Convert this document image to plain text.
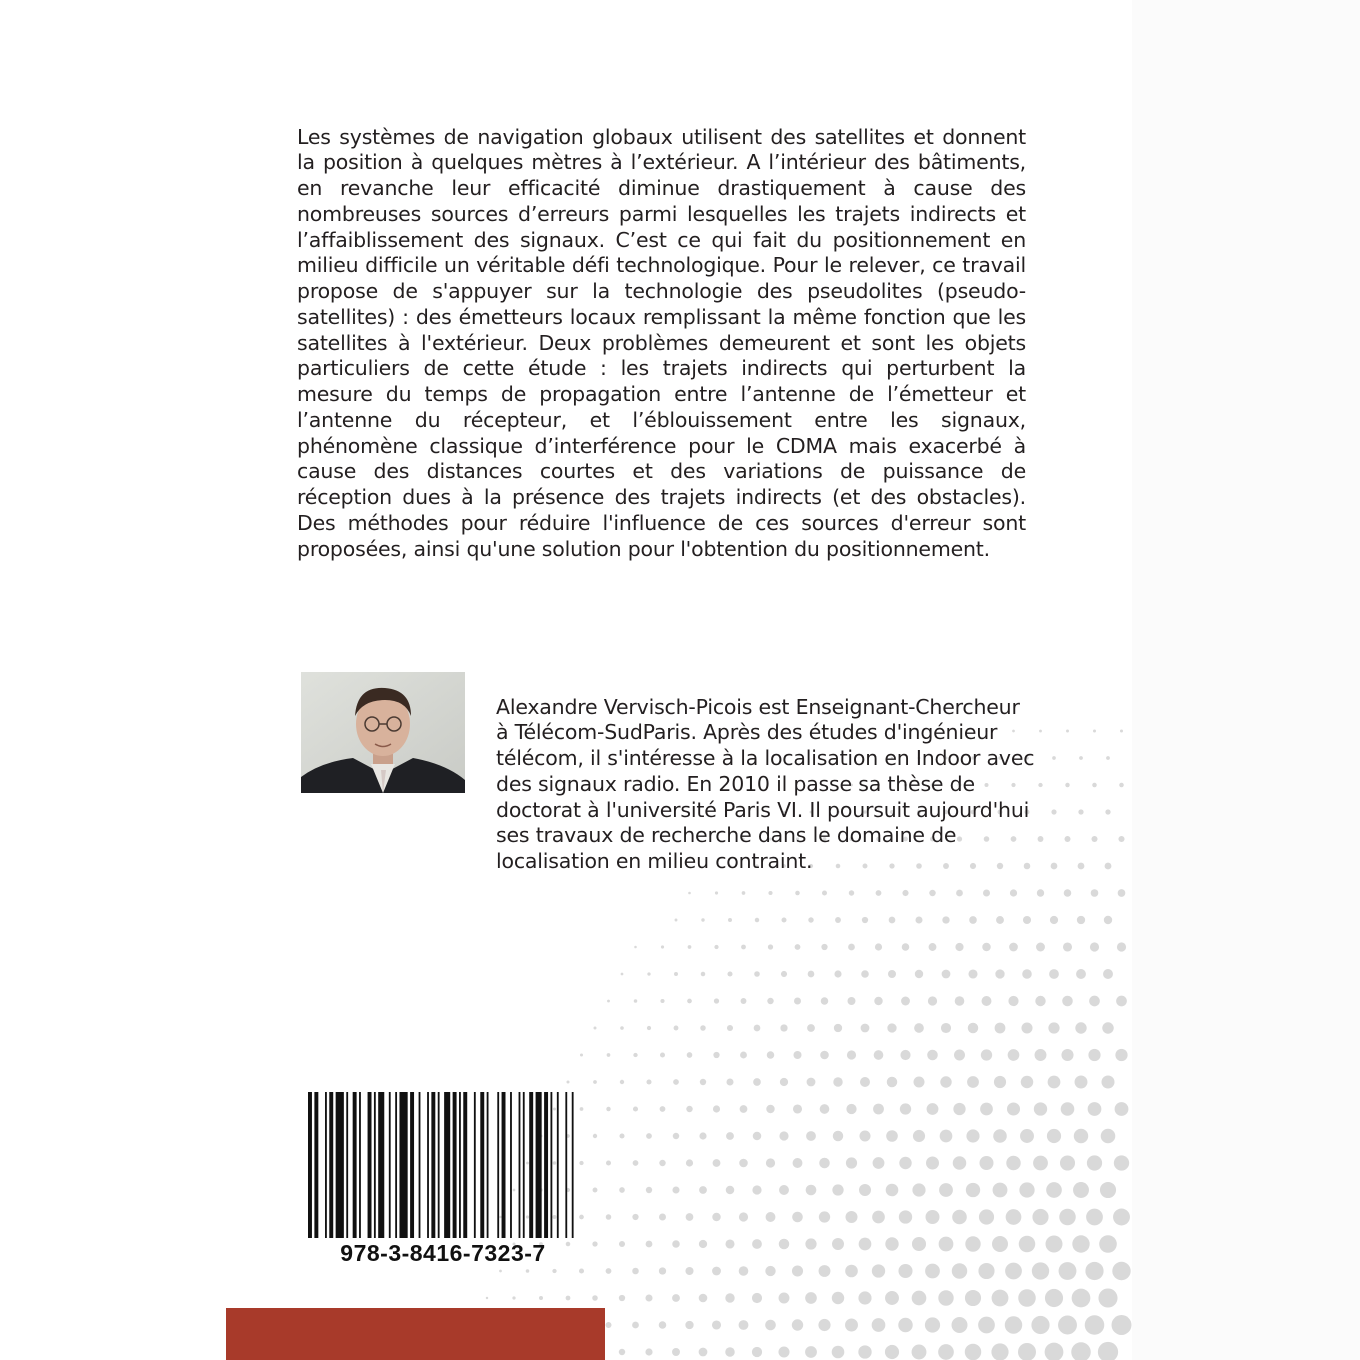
Les systèmes de navigation globaux utilisent des satellites et donnent la position à quelques mètres à l’extérieur. A l’intérieur des bâtiments, en revanche leur efficacité diminue drastiquement à cause des nombreuses sources d’erreurs parmi lesquelles les trajets indirects et l’affaiblissement des signaux. C’est ce qui fait du positionnement en milieu difficile un véritable défi technologique. Pour le relever, ce travail propose de s'appuyer sur la technologie des pseudolites (pseudo-satellites) : des émetteurs locaux remplissant la même fonction que les satellites à l'extérieur. Deux problèmes demeurent et sont les objets particuliers de cette étude : les trajets indirects qui perturbent la mesure du temps de propagation entre l’antenne de l’émetteur et l’antenne du récepteur, et l’éblouissement entre les signaux, phénomène classique d’interférence pour le CDMA mais exacerbé à cause des distances courtes et des variations de puissance de réception dues à la présence des trajets indirects (et des obstacles). Des méthodes pour réduire l'influence de ces sources d'erreur sont proposées, ainsi qu'une solution pour l'obtention du positionnement.

Alexandre Vervisch-Picois est Enseignant-Chercheur à Télécom-SudParis. Après des études d'ingénieur télécom, il s'intéresse à la localisation en Indoor avec des signaux radio. En 2010 il passe sa thèse de doctorat à l'université Paris VI. Il poursuit aujourd'hui ses travaux de recherche dans le domaine de localisation en milieu contraint.

978-3-8416-7323-7
